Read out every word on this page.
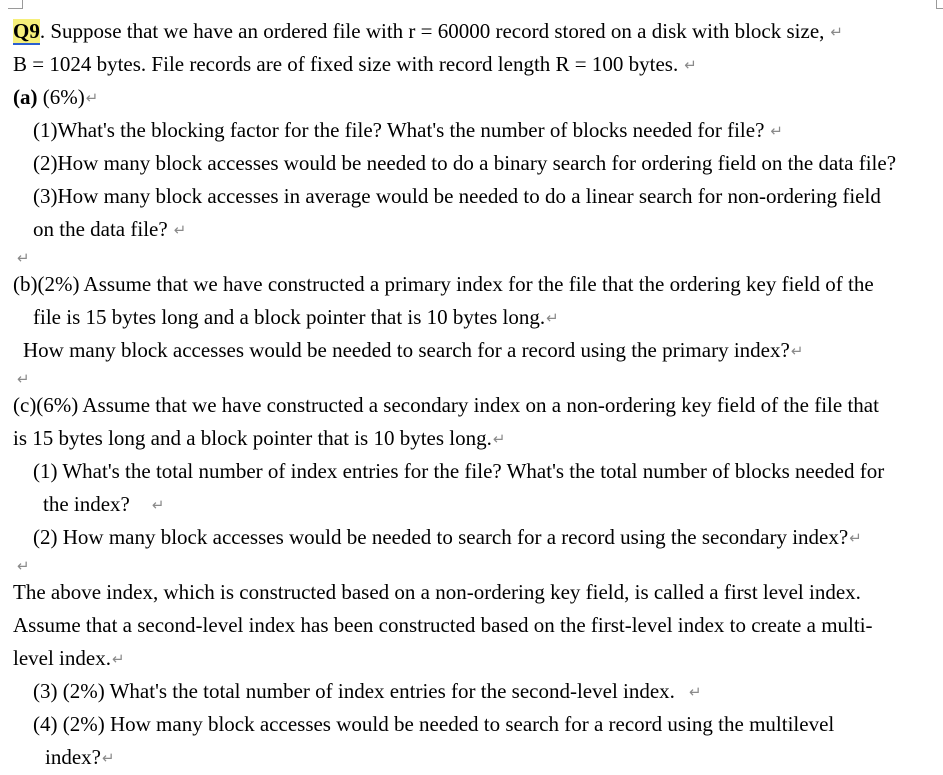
Q9. Suppose that we have an ordered file with r = 60000 record stored on a disk with block size, ↵
B = 1024 bytes. File records are of fixed size with record length R = 100 bytes. ↵
(a) (6%)↵
(1)What's the blocking factor for the file? What's the number of blocks needed for file? ↵
(2)How many block accesses would be needed to do a binary search for ordering field on the data file?
(3)How many block accesses in average would be needed to do a linear search for non-ordering field
on the data file? ↵
↵
(b)(2%) Assume that we have constructed a primary index for the file that the ordering key field of the
file is 15 bytes long and a block pointer that is 10 bytes long.↵
How many block accesses would be needed to search for a record using the primary index?↵
↵
(c)(6%) Assume that we have constructed a secondary index on a non-ordering key field of the file that
is 15 bytes long and a block pointer that is 10 bytes long.↵
(1) What's the total number of index entries for the file? What's the total number of blocks needed for
the index? ↵
(2) How many block accesses would be needed to search for a record using the secondary index?↵
↵
The above index, which is constructed based on a non-ordering key field, is called a first level index.
Assume that a second-level index has been constructed based on the first-level index to create a multi-
level index.↵
(3) (2%) What's the total number of index entries for the second-level index. ↵
(4) (2%) How many block accesses would be needed to search for a record using the multilevel
index?↵
